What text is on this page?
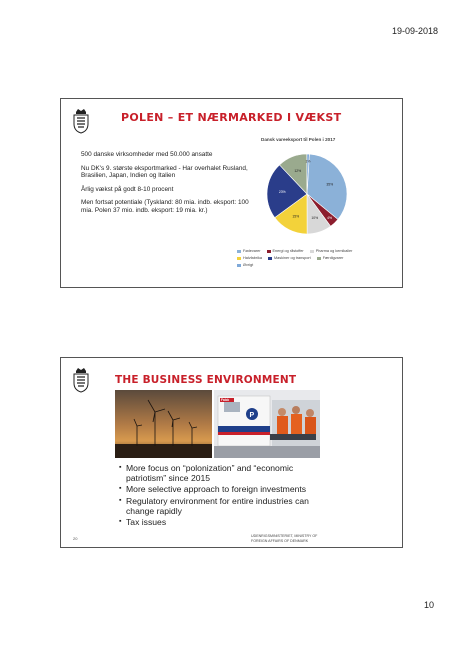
19-09-2018
POLEN – ET NÆRMARKED I VÆKST

500 danske virksomheder med 50.000 ansatte

Nu DK's 9. største eksportmarked - Har overhalet Rusland, Brasilien, Japan, Indien og Italien

Årlig vækst på godt 8-10 procent

Men fortsat potentiale (Tyskland: 80 mia. indb. eksport: 100 mia. Polen 37 mio. indb. eksport: 19 mia. kr.)

Dansk vareeksport til Polen i 2017
35%
4%
10%
15%
23%
12%
1%
Fødevarer	Energi og råstoffer	Pharma og kemikalier
Halvfabrika	Maskiner og transport	Færdigvarer
Øvrigt
THE BUSINESS ENVIRONMENT
P
Falck
▪ More focus on “polonization” and “economic patriotism” since 2015
▪ More selective approach to foreign investments
▪ Regulatory environment for entire industries can change rapidly
▪ Tax issues
20	UDENRIGSMINISTERIET, MINISTRY OF
FOREIGN AFFAIRS OF DENMARK
10
